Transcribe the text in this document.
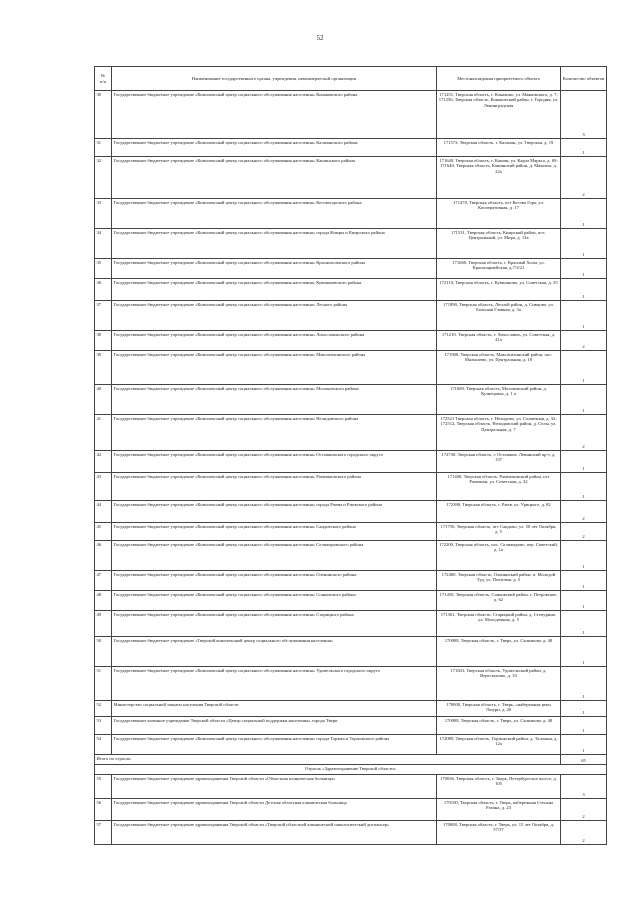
52
№
п/п	Наименование государственного органа, учреждения, некоммерческой организации	Местонахождения приоритетного объекта	Количество объектов
30	Государственное бюджетное учреждение «Комплексный центр социального обслуживания населения» Конаковского района	171251, Тверская область, г. Конаково, ул. Маяковского, д. 7; 171256, Тверская область, Конаковский район, г. Городня, ул. Ленинградская	3
31	Государственное бюджетное учреждение «Комплексный центр социального обслуживания населения» Калязинского района	171573, Тверская область, г. Калязин, ул. Тверская, д. 19	1
32	Государственное бюджетное учреждение «Комплексный центр социального обслуживания населения» Кашинского района	171640, Тверская область, г. Кашин, ул. Карла Маркса, д. 69; 171640, Тверская область, Кашинский район, д. Макеиха, д. 22а	2
33	Государственное бюджетное учреждение «Комплексный центр социального обслуживания населения» Кесовогорского района	171470, Тверская область, пгт Кесова Гора, ул. Кооперативная, д. 17	1
34	Государственное бюджетное учреждение «Комплексный центр социального обслуживания населения» города Кимры и Кимрского района	171531, Тверская область, Кимрский район, пос. Центральный, ул. Мира, д. 13а	1
35	Государственное бюджетное учреждение «Комплексный центр социального обслуживания населения» Краснохолмского района	171660, Тверская область, г. Красный Холм, ул. Красноармейская, д.7/3/21	1
36	Государственное бюджетное учреждение «Комплексный центр социального обслуживания населения» Кувшиновского района	172110, Тверская область, г. Кувшиново, ул. Советская, д. 35	1
37	Государственное бюджетное учреждение «Комплексный центр социального обслуживания населения» Лесного района	171890, Тверская область, Лесной район, д. Сивцово, ул. Большая Главная, д. 3а	1
38	Государственное бюджетное учреждение «Комплексный центр социального обслуживания населения» Лихославльского района	171210, Тверская область, г. Лихославль, ул. Советская, д. 41а	2
39	Государственное бюджетное учреждение «Комплексный центр социального обслуживания населения» Максатихинского района	171900, Тверская область, Максатихинский район, пос. Малышево, ул. Центральная, д. 10	1
40	Государственное бюджетное учреждение «Комплексный центр социального обслуживания населения» Молоковского района	171680, Тверская область, Молоковский район, д. Кузнецовка, д. 1 а	1
41	Государственное бюджетное учреждение «Комплексный центр социального обслуживания населения» Нелидовского района	172521 Тверская область, г. Нелидово, ул. Солнечная, д. 32; 172512, Тверская область, Нелидовский район, д. Селы, ул. Центральная, д. 7	2
42	Государственное бюджетное учреждение «Комплексный центр социального обслуживания населения» Осташковского городского округа	172730, Тверская область, г. Осташков, Ленинский пр-т, д. 137	1
43	Государственное бюджетное учреждение «Комплексный центр социального обслуживания населения» Рамешковского района	171400, Тверская область, Рамешковский район, пгт Рамешки, ул. Советская, д. 22	1
44	Государственное бюджетное учреждение «Комплексный центр социального обслуживания населения» города Ржева и Ржевского района	172390, Тверская область, г. Ржев, ул. Урицкого, д. 82	2
45	Государственное бюджетное учреждение «Комплексный центр социального обслуживания населения» Сандовского района	171750, Тверская область, пгт Сандово, ул. 50 лет Октября, д. 5	2
46	Государственное бюджетное учреждение «Комплексный центр социального обслуживания населения» Селижаровского района	172200, Тверская область, пос. Селижарово, пер. Советский, д. 1а	1
47	Государственное бюджетное учреждение «Комплексный центр социального обслуживания населения» Оленинского района	172400, Тверская область, Оленинский район, п. Молодой Туд, ул. Почтовая, д. 5	1
48	Государственное бюджетное учреждение «Комплексный центр социального обслуживания населения» Сонковского района	171450, Тверская область, Сонковский район, г. Петровское, д. 62	1
49	Государственное бюджетное учреждение «Комплексный центр социального обслуживания населения» Старицкого района	171361, Тверская область, Старицкий район, д. Степурино, ул. Молодежная, д. 5	1
50	Государственное бюджетное учреждение «Тверской комплексный центр социального обслуживания населения»	170008, Тверская область, г. Тверь, ул. Склизкова, д. 48	1
51	Государственное бюджетное учреждение «Комплексный центр социального обслуживания населения» Удомельского городского округа	171841, Тверская область, Удомельский район, д. Верескуново, д. 33	1
52	Министерство социальной защиты населения Тверской области	170000, Тверская область, г. Тверь, «набережная реки Лазури, д. 20	1
53	Государственное казенное учреждение Тверской области «Центр социальной поддержки населения» города Твери	170008, Тверская область, г. Тверь, ул. Склизкова, д. 48	1
54	Государственное бюджетное учреждение «Комплексный центр социального обслуживания населения» города Торжка и Торжокского района	172089, Тверская область, Торжокский район, д. Таложня, д. 12а	1
Итого по отрасли			65
Отрасль «Здравоохранение Тверской области»			
55	Государственное бюджетное учреждение здравоохранения Тверской области «Областная клиническая больница»	170036, Тверская область, г. Тверь, Петербургское шоссе, д. 105	3
56	Государственное бюджетное учреждение здравоохранения Тверской области Детская областная клиническая больница	170100, Тверская область, г. Тверь, набережная Степана Разина, д. 23	2
57	Государственное бюджетное учреждение здравоохранения Тверской области «Тверской областной клинический онкологический диспансер»	170008, Тверская область, г. Тверь, ул. 15 лет Октября, д. 57/37	2
